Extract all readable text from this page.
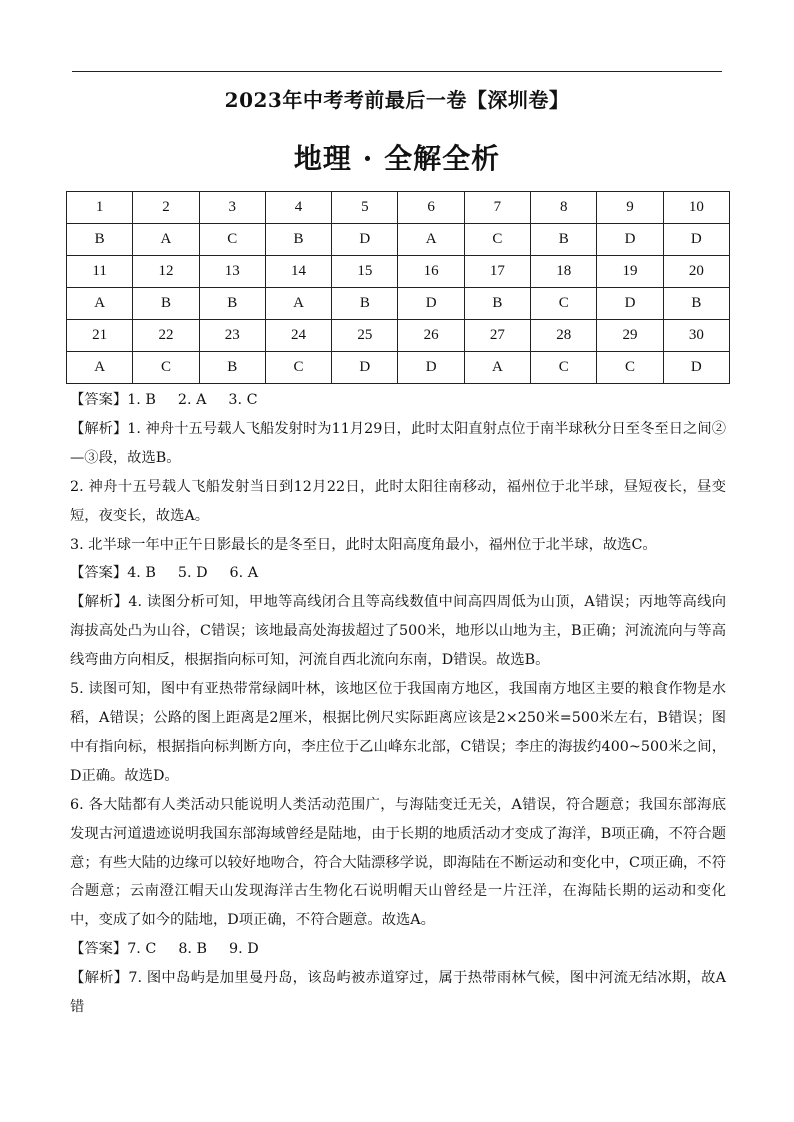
2023年中考考前最后一卷【深圳卷】
地理 · 全解全析
1	2	3	4	5	6	7	8	9	10
B	A	C	B	D	A	C	B	D	D
11	12	13	14	15	16	17	18	19	20
A	B	B	A	B	D	B	C	D	B
21	22	23	24	25	26	27	28	29	30
A	C	B	C	D	D	A	C	C	D

【答案】1. B 2. A 3. C

【解析】1. 神舟十五号载人飞船发射时为11月29日，此时太阳直射点位于南半球秋分日至冬至日之间②—③段，故选B。

2. 神舟十五号载人飞船发射当日到12月22日，此时太阳往南移动，福州位于北半球，昼短夜长，昼变短，夜变长，故选A。

3. 北半球一年中正午日影最长的是冬至日，此时太阳高度角最小，福州位于北半球，故选C。

【答案】4. B 5. D 6. A

【解析】4. 读图分析可知，甲地等高线闭合且等高线数值中间高四周低为山顶，A错误；丙地等高线向海拔高处凸为山谷，C错误；该地最高处海拔超过了500米，地形以山地为主，B正确；河流流向与等高线弯曲方向相反，根据指向标可知，河流自西北流向东南，D错误。故选B。

5. 读图可知，图中有亚热带常绿阔叶林，该地区位于我国南方地区，我国南方地区主要的粮食作物是水稻，A错误；公路的图上距离是2厘米，根据比例尺实际距离应该是2×250米=500米左右，B错误；图中有指向标，根据指向标判断方向，李庄位于乙山峰东北部，C错误；李庄的海拔约400~500米之间，D正确。故选D。

6. 各大陆都有人类活动只能说明人类活动范围广，与海陆变迁无关，A错误，符合题意；我国东部海底发现古河道遗迹说明我国东部海域曾经是陆地，由于长期的地质活动才变成了海洋，B项正确，不符合题意；有些大陆的边缘可以较好地吻合，符合大陆漂移学说，即海陆在不断运动和变化中，C项正确，不符合题意；云南澄江帽天山发现海洋古生物化石说明帽天山曾经是一片汪洋，在海陆长期的运动和变化中，变成了如今的陆地，D项正确，不符合题意。故选A。

【答案】7. C 8. B 9. D

【解析】7. 图中岛屿是加里曼丹岛，该岛屿被赤道穿过，属于热带雨林气候，图中河流无结冰期，故A错
